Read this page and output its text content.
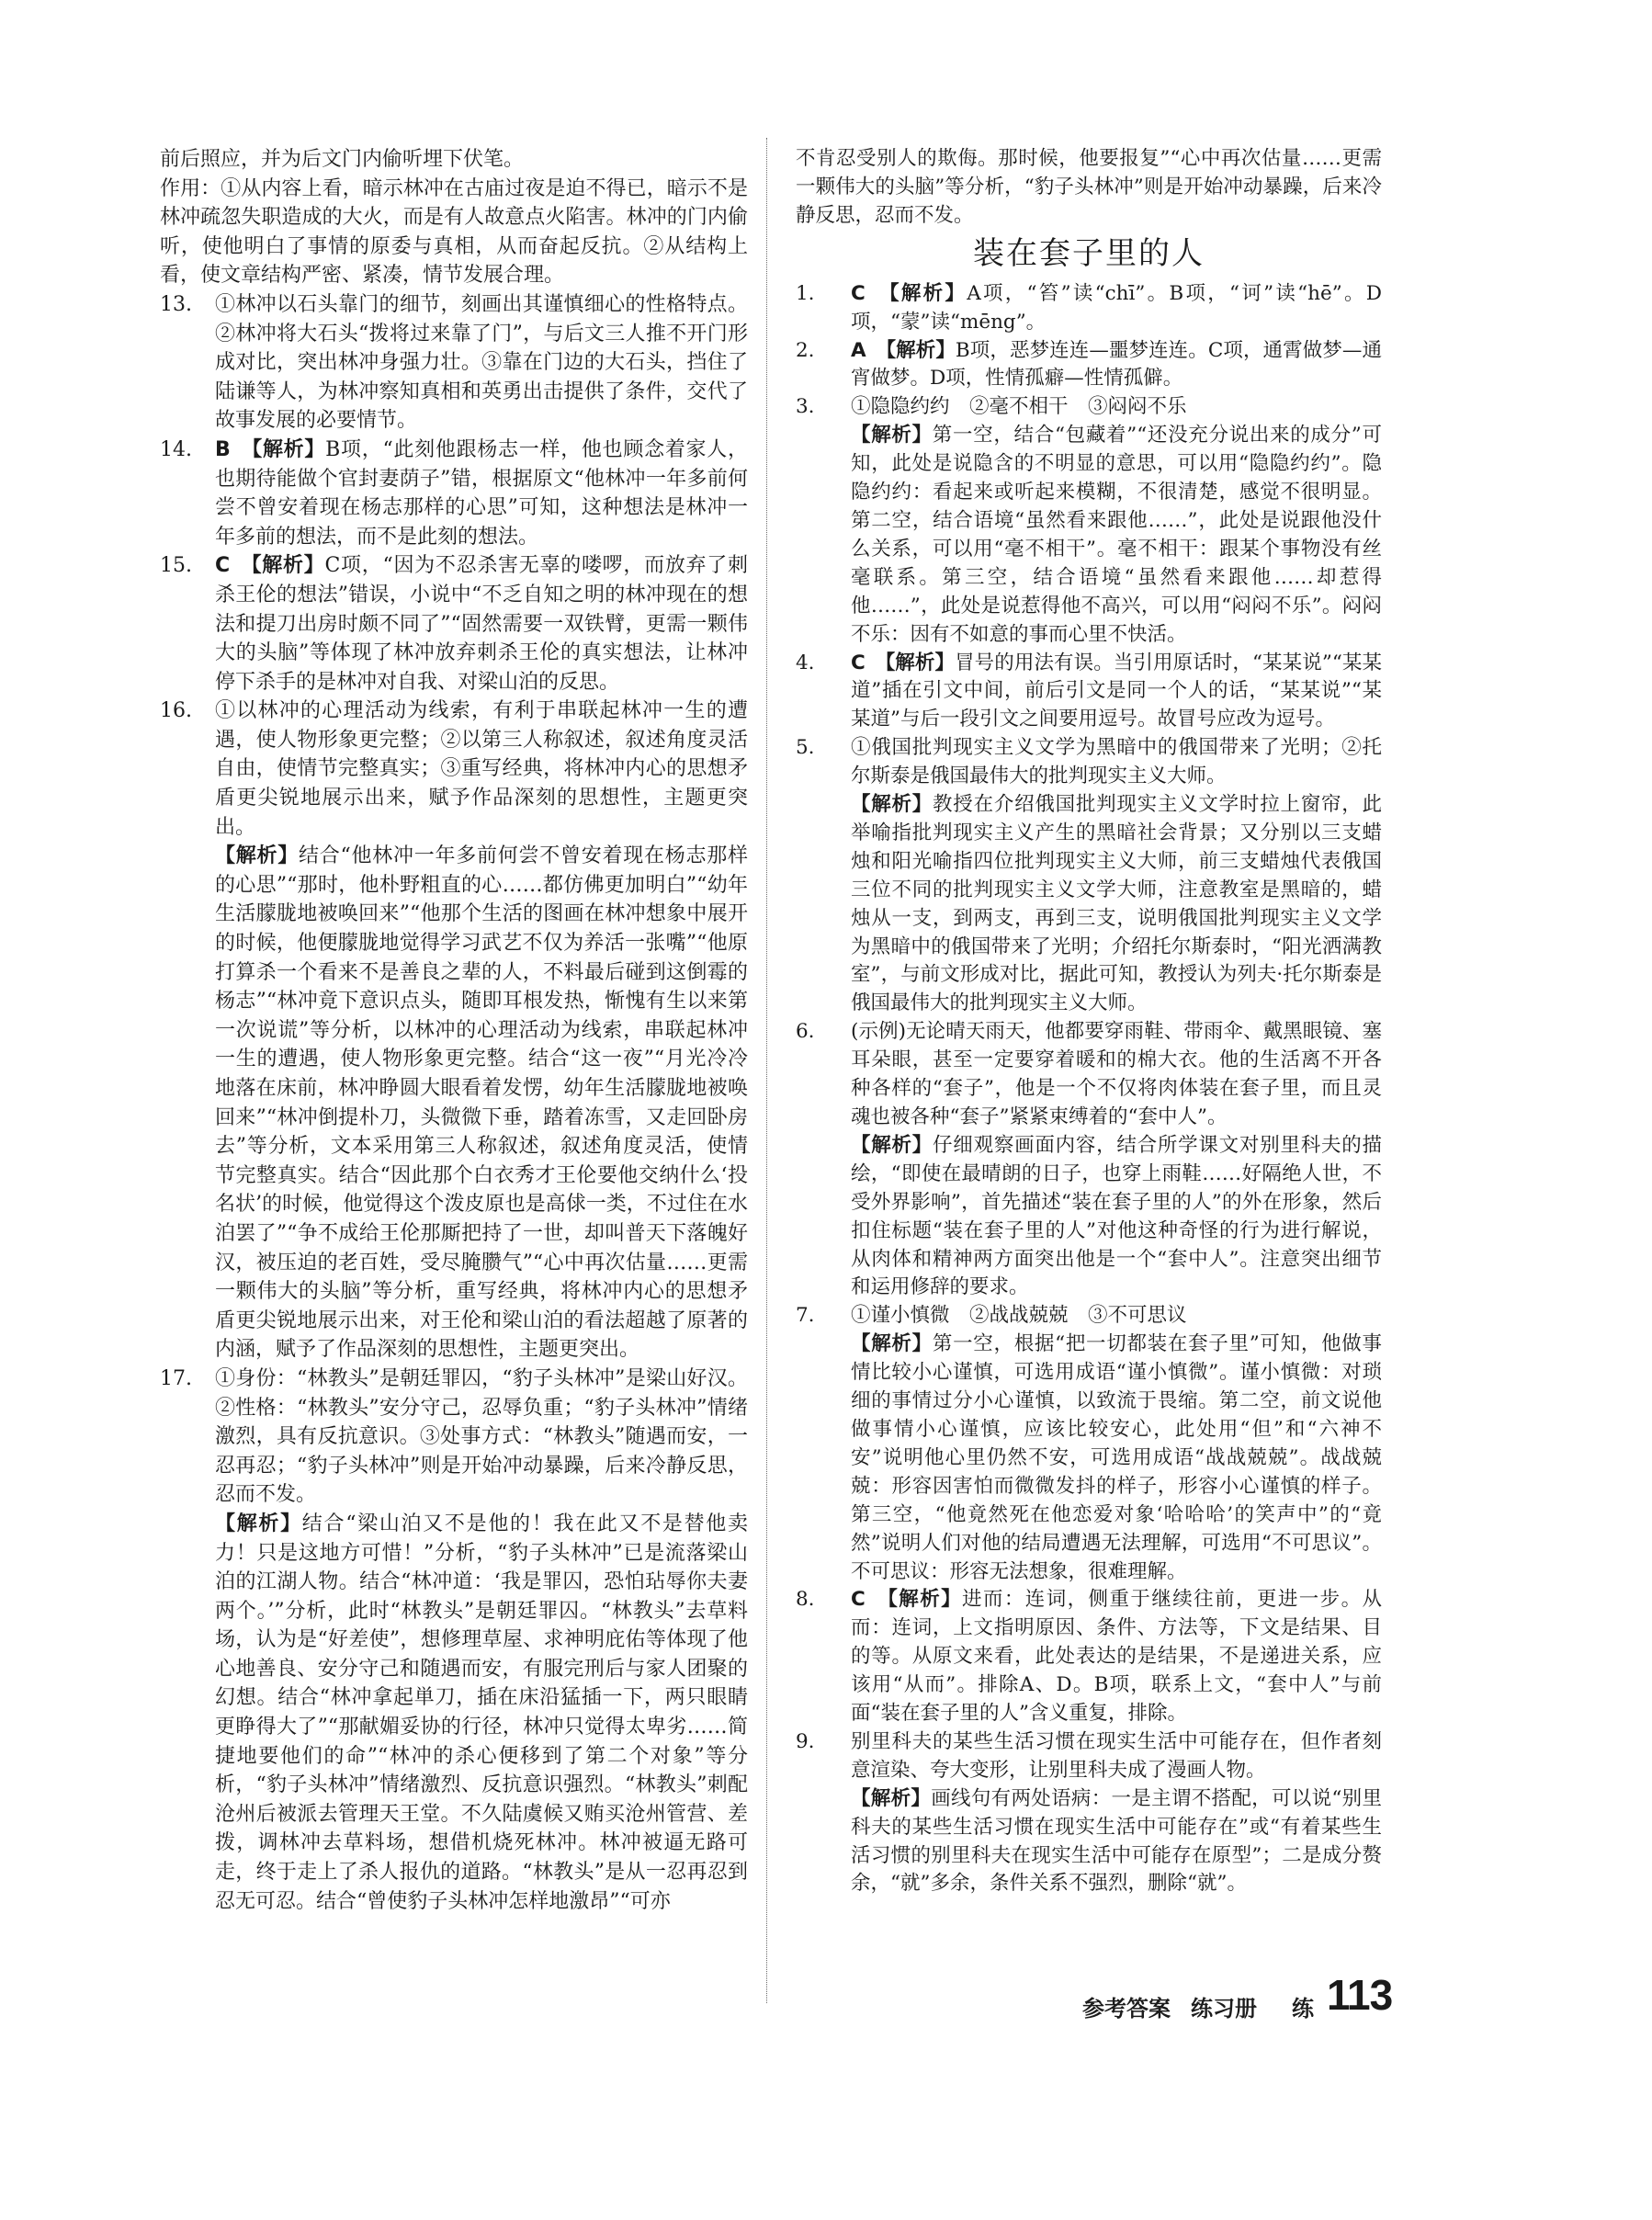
前后照应，并为后文门内偷听埋下伏笔。

作用：①从内容上看，暗示林冲在古庙过夜是迫不得已，暗示不是林冲疏忽失职造成的大火，而是有人故意点火陷害。林冲的门内偷听，使他明白了事情的原委与真相，从而奋起反抗。②从结构上看，使文章结构严密、紧凑，情节发展合理。

13. ①林冲以石头靠门的细节，刻画出其谨慎细心的性格特点。②林冲将大石头“拨将过来靠了门”，与后文三人推不开门形成对比，突出林冲身强力壮。③靠在门边的大石头，挡住了陆谦等人，为林冲察知真相和英勇出击提供了条件，交代了故事发展的必要情节。

14. B　【解析】B项，“此刻他跟杨志一样，他也顾念着家人，也期待能做个官封妻荫子”错，根据原文“他林冲一年多前何尝不曾安着现在杨志那样的心思”可知，这种想法是林冲一年多前的想法，而不是此刻的想法。

15. C　【解析】C项，“因为不忍杀害无辜的喽啰，而放弃了刺杀王伦的想法”错误，小说中“不乏自知之明的林冲现在的想法和提刀出房时颇不同了”“固然需要一双铁臂，更需一颗伟大的头脑”等体现了林冲放弃刺杀王伦的真实想法，让林冲停下杀手的是林冲对自我、对梁山泊的反思。

16. ①以林冲的心理活动为线索，有利于串联起林冲一生的遭遇，使人物形象更完整；②以第三人称叙述，叙述角度灵活自由，使情节完整真实；③重写经典，将林冲内心的思想矛盾更尖锐地展示出来，赋予作品深刻的思想性，主题更突出。

【解析】结合“他林冲一年多前何尝不曾安着现在杨志那样的心思”“那时，他朴野粗直的心……都仿佛更加明白”“幼年生活朦胧地被唤回来”“他那个生活的图画在林冲想象中展开的时候，他便朦胧地觉得学习武艺不仅为养活一张嘴”“他原打算杀一个看来不是善良之辈的人，不料最后碰到这倒霉的杨志”“林冲竟下意识点头，随即耳根发热，惭愧有生以来第一次说谎”等分析，以林冲的心理活动为线索，串联起林冲一生的遭遇，使人物形象更完整。结合“这一夜”“月光冷冷地落在床前，林冲睁圆大眼看着发愣，幼年生活朦胧地被唤回来”“林冲倒提朴刀，头微微下垂，踏着冻雪，又走回卧房去”等分析，文本采用第三人称叙述，叙述角度灵活，使情节完整真实。结合“因此那个白衣秀才王伦要他交纳什么‘投名状’的时候，他觉得这个泼皮原也是高俅一类，不过住在水泊罢了”“争不成给王伦那厮把持了一世，却叫普天下落魄好汉，被压迫的老百姓，受尽腌臜气”“心中再次估量……更需一颗伟大的头脑”等分析，重写经典，将林冲内心的思想矛盾更尖锐地展示出来，对王伦和梁山泊的看法超越了原著的内涵，赋予了作品深刻的思想性，主题更突出。

17. ①身份：“林教头”是朝廷罪囚，“豹子头林冲”是梁山好汉。②性格：“林教头”安分守己，忍辱负重；“豹子头林冲”情绪激烈，具有反抗意识。③处事方式：“林教头”随遇而安，一忍再忍；“豹子头林冲”则是开始冲动暴躁，后来冷静反思，忍而不发。

【解析】结合“梁山泊又不是他的！我在此又不是替他卖力！只是这地方可惜！”分析，“豹子头林冲”已是流落梁山泊的江湖人物。结合“林冲道：‘我是罪囚，恐怕玷辱你夫妻两个。’”分析，此时“林教头”是朝廷罪囚。“林教头”去草料场，认为是“好差使”，想修理草屋、求神明庇佑等体现了他心地善良、安分守己和随遇而安，有服完刑后与家人团聚的幻想。结合“林冲拿起単刀，插在床沿猛插一下，两只眼睛更睁得大了”“那献媚妥协的行径，林冲只觉得太卑劣……简捷地要他们的命”“林冲的杀心便移到了第二个对象”等分析，“豹子头林冲”情绪激烈、反抗意识强烈。“林教头”刺配沧州后被派去管理天王堂。不久陆虞候又贿买沧州管营、差拨，调林冲去草料场，想借机烧死林冲。林冲被逼无路可走，终于走上了杀人报仇的道路。“林教头”是从一忍再忍到忍无可忍。结合“曾使豹子头林冲怎样地激昂”“可亦

不肯忍受别人的欺侮。那时候，他要报复”“心中再次估量……更需一颗伟大的头脑”等分析，“豹子头林冲”则是开始冲动暴躁，后来冷静反思，忍而不发。

装在套子里的人
1. C　【解析】A项，“笞”读“chī”。B项，“诃”读“hē”。D项，“蒙”读“mēng”。

2. A　【解析】B项，恶梦连连—噩梦连连。C项，通霄做梦—通宵做梦。D项，性情孤癖—性情孤僻。

3. ①隐隐约约　②毫不相干　③闷闷不乐

【解析】第一空，结合“包藏着”“还没充分说出来的成分”可知，此处是说隐含的不明显的意思，可以用“隐隐约约”。隐隐约约：看起来或听起来模糊，不很清楚，感觉不很明显。第二空，结合语境“虽然看来跟他……”，此处是说跟他没什么关系，可以用“毫不相干”。毫不相干：跟某个事物没有丝毫联系。第三空，结合语境“虽然看来跟他……却惹得他……”，此处是说惹得他不高兴，可以用“闷闷不乐”。闷闷不乐：因有不如意的事而心里不快活。

4. C　【解析】冒号的用法有误。当引用原话时，“某某说”“某某道”插在引文中间，前后引文是同一个人的话，“某某说”“某某道”与后一段引文之间要用逗号。故冒号应改为逗号。

5. ①俄国批判现实主义文学为黑暗中的俄国带来了光明；②托尔斯泰是俄国最伟大的批判现实主义大师。

【解析】教授在介绍俄国批判现实主义文学时拉上窗帘，此举喻指批判现实主义产生的黑暗社会背景；又分别以三支蜡烛和阳光喻指四位批判现实主义大师，前三支蜡烛代表俄国三位不同的批判现实主义文学大师，注意教室是黑暗的，蜡烛从一支，到两支，再到三支，说明俄国批判现实主义文学为黑暗中的俄国带来了光明；介绍托尔斯泰时，“阳光洒满教室”，与前文形成对比，据此可知，教授认为列夫·托尔斯泰是俄国最伟大的批判现实主义大师。

6. (示例)无论晴天雨天，他都要穿雨鞋、带雨伞、戴黑眼镜、塞耳朵眼，甚至一定要穿着暖和的棉大衣。他的生活离不开各种各样的“套子”，他是一个不仅将肉体装在套子里，而且灵魂也被各种“套子”紧紧束缚着的“套中人”。

【解析】仔细观察画面内容，结合所学课文对别里科夫的描绘，“即使在最晴朗的日子，也穿上雨鞋……好隔绝人世，不受外界影响”，首先描述“装在套子里的人”的外在形象，然后扣住标题“装在套子里的人”对他这种奇怪的行为进行解说，从肉体和精神两方面突出他是一个“套中人”。注意突出细节和运用修辞的要求。

7. ①谨小慎微　②战战兢兢　③不可思议

【解析】第一空，根据“把一切都装在套子里”可知，他做事情比较小心谨慎，可选用成语“谨小慎微”。谨小慎微：对琐细的事情过分小心谨慎，以致流于畏缩。第二空，前文说他做事情小心谨慎，应该比较安心，此处用“但”和“六神不安”说明他心里仍然不安，可选用成语“战战兢兢”。战战兢兢：形容因害怕而微微发抖的样子，形容小心谨慎的样子。第三空，“他竟然死在他恋爱对象‘哈哈哈’的笑声中”的“竟然”说明人们对他的结局遭遇无法理解，可选用“不可思议”。不可思议：形容无法想象，很难理解。

8. C　【解析】进而：连词，侧重于继续往前，更进一步。从而：连词，上文指明原因、条件、方法等，下文是结果、目的等。从原文来看，此处表达的是结果，不是递进关系，应该用“从而”。排除A、D。B项，联系上文，“套中人”与前面“装在套子里的人”含义重复，排除。

9. 别里科夫的某些生活习惯在现实生活中可能存在，但作者刻意渲染、夸大变形，让别里科夫成了漫画人物。

【解析】画线句有两处语病：一是主谓不搭配，可以说“别里科夫的某些生活习惯在现实生活中可能存在”或“有着某些生活习惯的别里科夫在现实生活中可能存在原型”；二是成分赘余，“就”多余，条件关系不强烈，删除“就”。

参考答案 练习册 练 113
